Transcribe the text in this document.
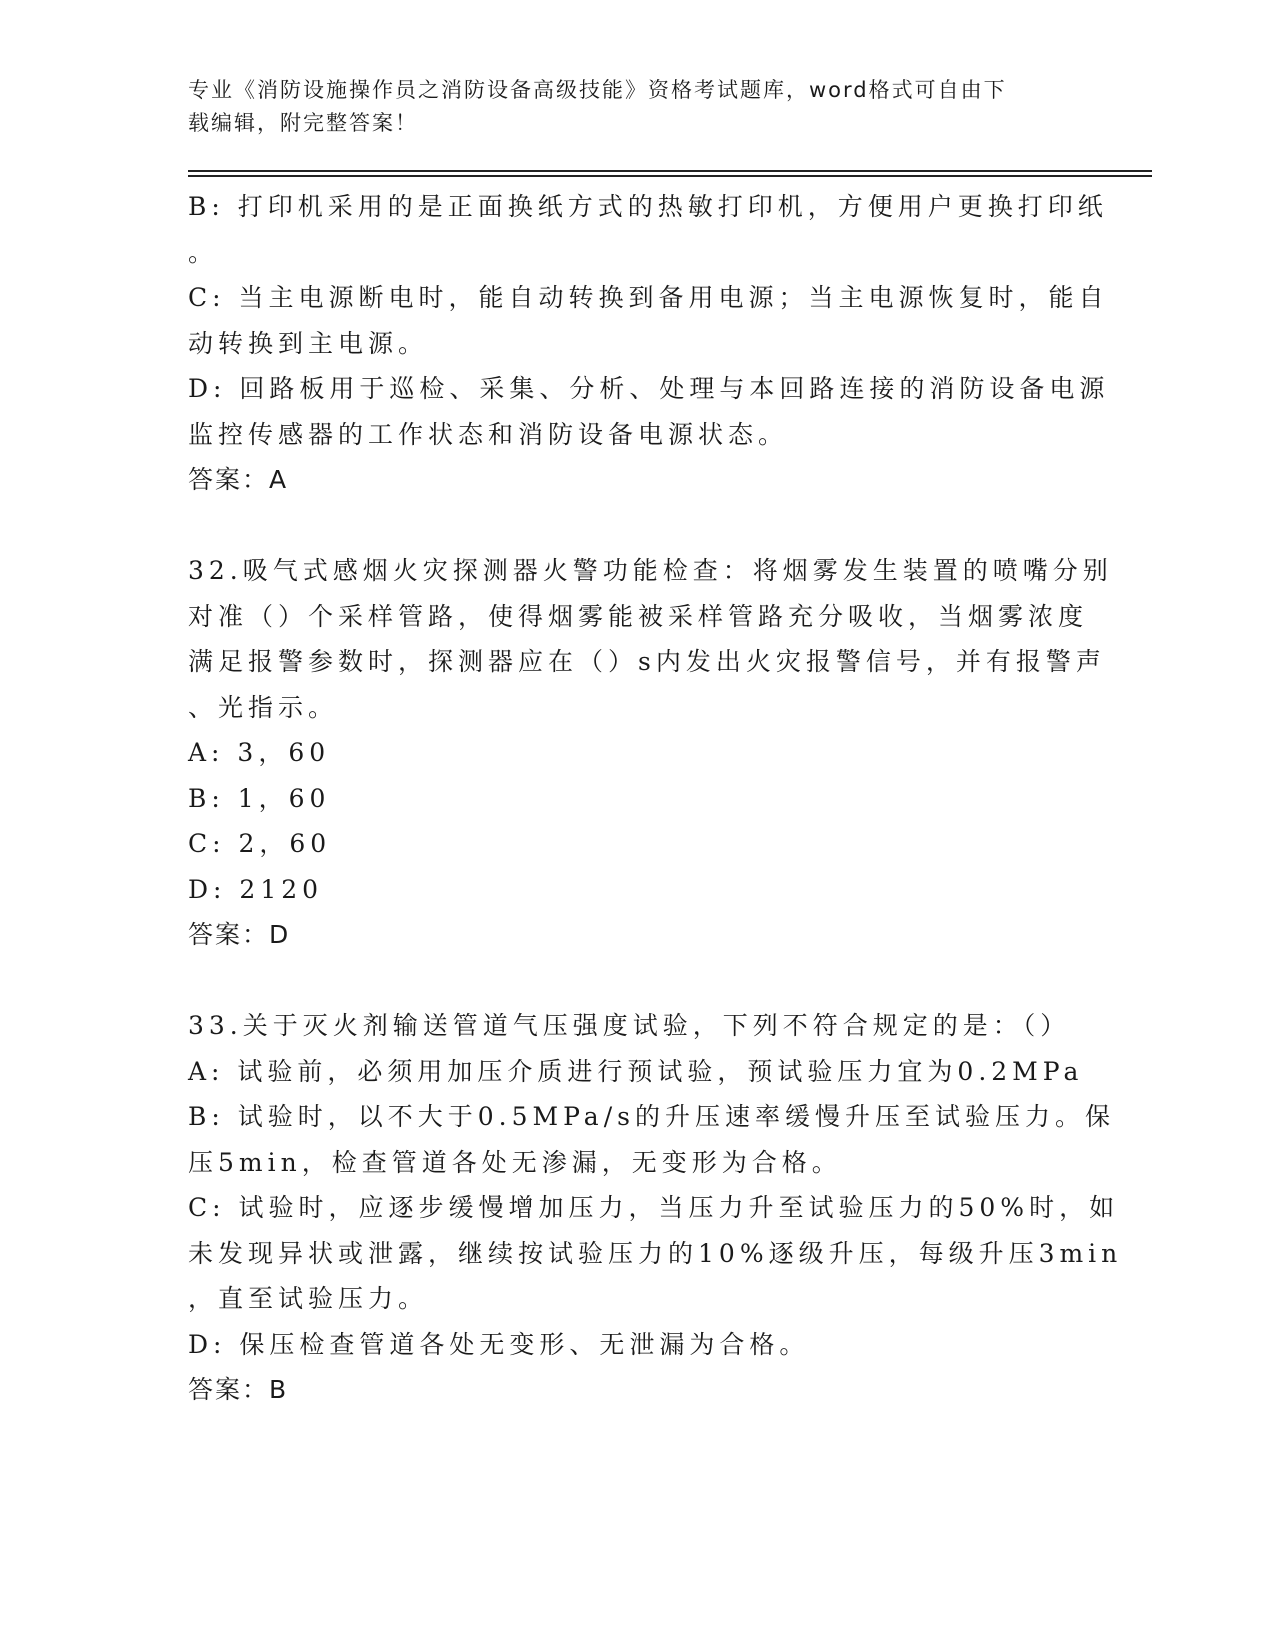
专业《消防设施操作员之消防设备高级技能》资格考试题库，word格式可自由下
载编辑，附完整答案！
B: 打印机采用的是正面换纸方式的热敏打印机，方便用户更换打印纸
。
C: 当主电源断电时，能自动转换到备用电源；当主电源恢复时，能自
动转换到主电源。
D: 回路板用于巡检、采集、分析、处理与本回路连接的消防设备电源
监控传感器的工作状态和消防设备电源状态。
答案：A
32.吸气式感烟火灾探测器火警功能检查：将烟雾发生装置的喷嘴分别
对准（）个采样管路，使得烟雾能被采样管路充分吸收，当烟雾浓度
满足报警参数时，探测器应在（）s内发出火灾报警信号，并有报警声
、光指示。
A: 3，60
B: 1，60
C: 2，60
D: 2120
答案：D
33.关于灭火剂输送管道气压强度试验，下列不符合规定的是：（）
A: 试验前，必须用加压介质进行预试验，预试验压力宜为0.2MPa
B: 试验时，以不大于0.5MPa/s的升压速率缓慢升压至试验压力。保
压5min，检查管道各处无渗漏，无变形为合格。
C: 试验时，应逐步缓慢增加压力，当压力升至试验压力的50%时，如
未发现异状或泄露，继续按试验压力的10%逐级升压，每级升压3min
，直至试验压力。
D: 保压检查管道各处无变形、无泄漏为合格。
答案：B
